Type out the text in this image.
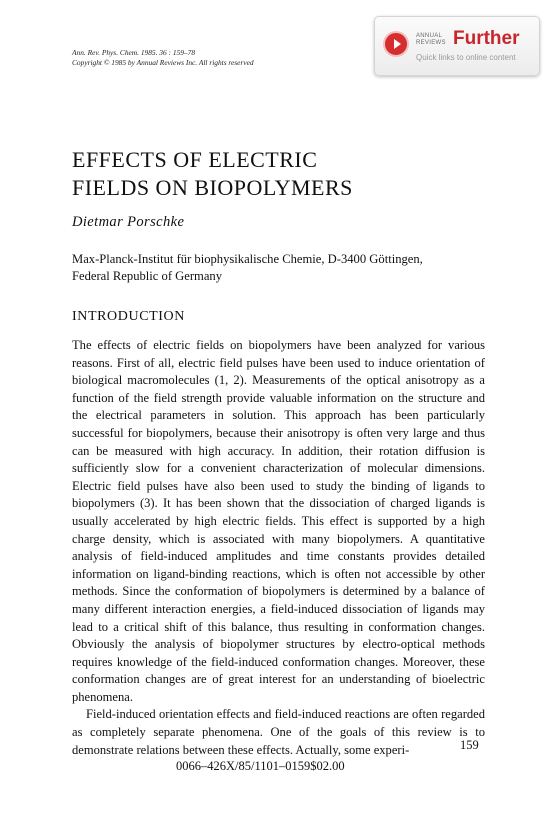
Ann. Rev. Phys. Chem. 1985. 36 : 159–78
Copyright © 1985 by Annual Reviews Inc. All rights reserved
ANNUAL
REVIEWS Further
Quick links to online content
EFFECTS OF ELECTRIC
FIELDS ON BIOPOLYMERS
Dietmar Porschke
Max-Planck-Institut für biophysikalische Chemie, D-3400 Göttingen,
Federal Republic of Germany
INTRODUCTION

The effects of electric fields on biopolymers have been analyzed for various reasons. First of all, electric field pulses have been used to induce orientation of biological macromolecules (1, 2). Measurements of the optical anisotropy as a function of the field strength provide valuable information on the structure and the electrical parameters in solution. This approach has been particularly successful for biopolymers, because their anisotropy is often very large and thus can be measured with high accuracy. In addition, their rotation diffusion is sufficiently slow for a convenient characterization of molecular dimensions. Electric field pulses have also been used to study the binding of ligands to biopolymers (3). It has been shown that the dissociation of charged ligands is usually accelerated by high electric fields. This effect is supported by a high charge density, which is associated with many biopolymers. A quantitative analysis of field-induced amplitudes and time constants provides detailed information on ligand-binding reactions, which is often not accessible by other methods. Since the conformation of biopolymers is determined by a balance of many different interaction energies, a field-induced dissociation of ligands may lead to a critical shift of this balance, thus resulting in conformation changes. Obviously the analysis of biopolymer structures by electro-optical methods requires knowledge of the field-induced conformation changes. Moreover, these conformation changes are of great interest for an understanding of bioelectric phenomena.

Field-induced orientation effects and field-induced reactions are often regarded as completely separate phenomena. One of the goals of this review is to demonstrate relations between these effects. Actually, some experi-	159
0066–426X/85/1101–0159$02.00
